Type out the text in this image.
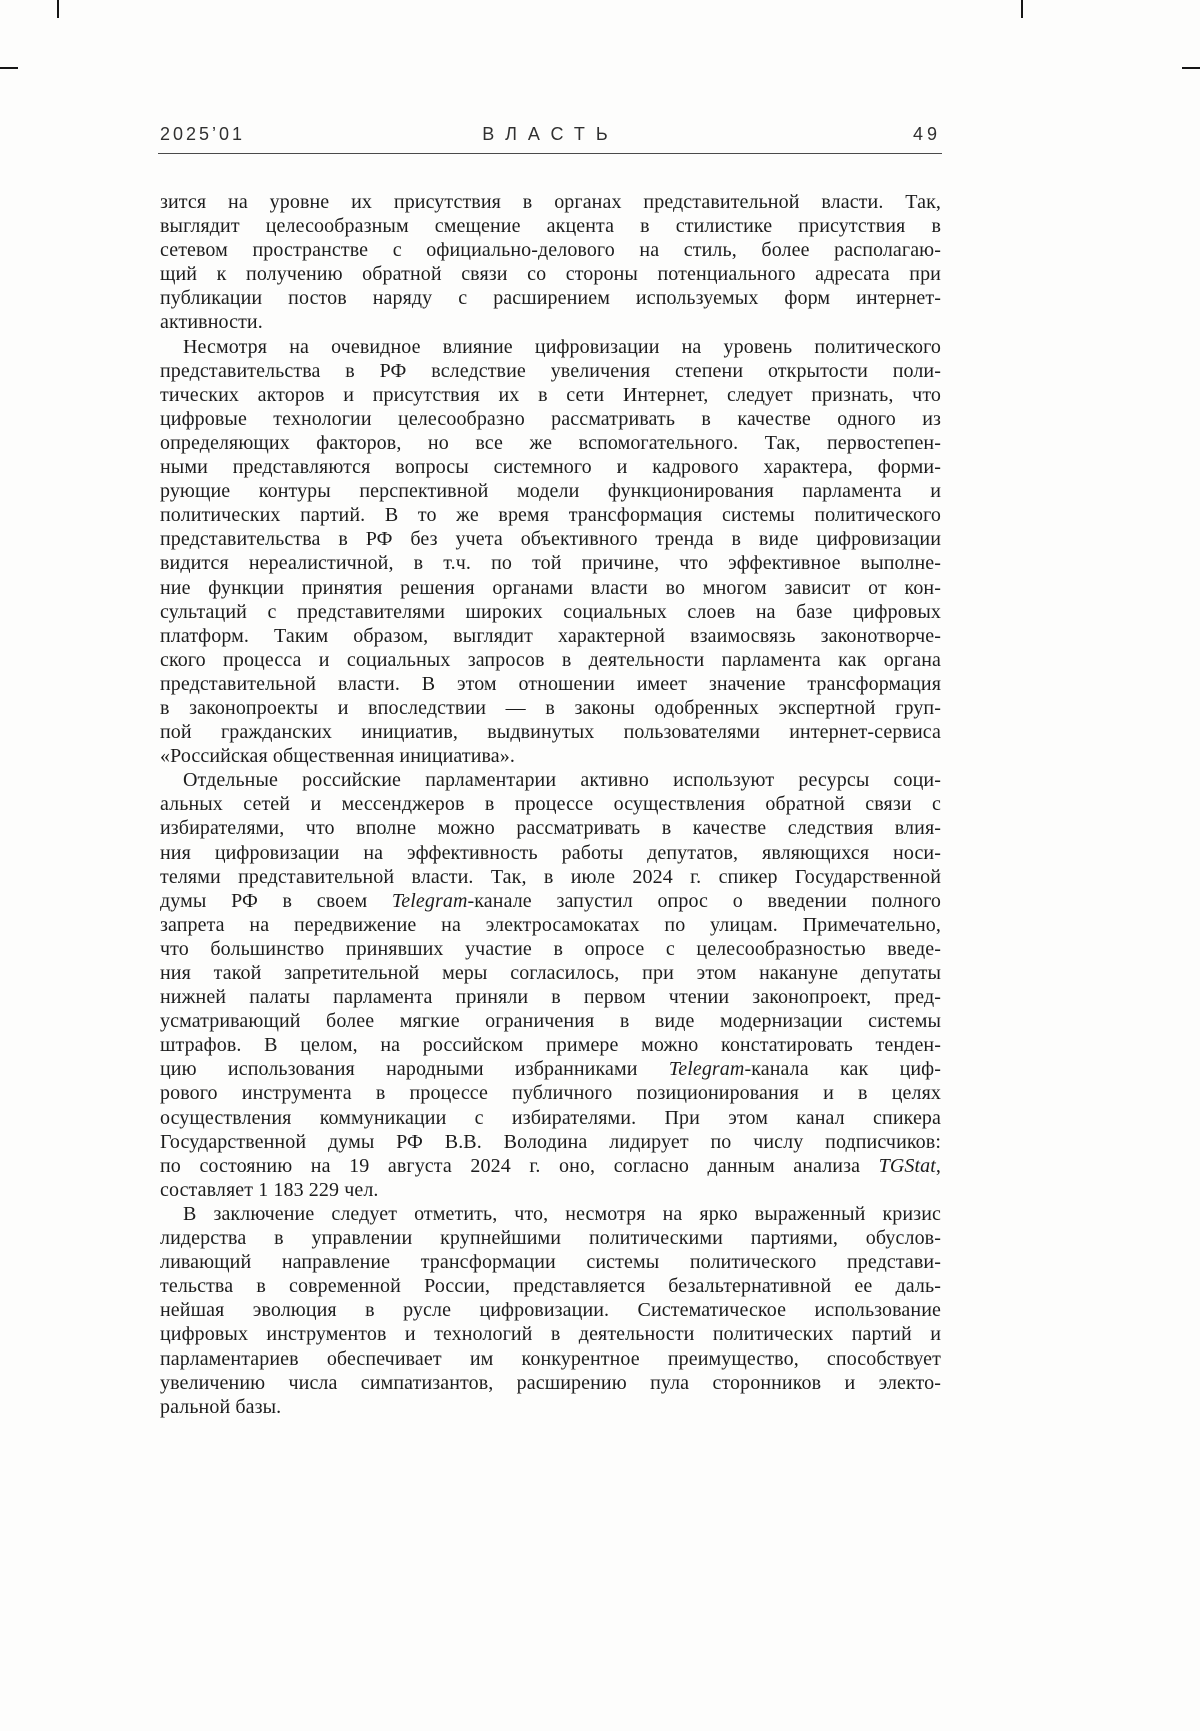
2025’01	ВЛАСТЬ	49
зится на уровне их присутствия в органах представительной власти. Так,
выглядит целесообразным смещение акцента в стилистике присутствия в
сетевом пространстве с официально-делового на стиль, более располагаю-
щий к получению обратной связи со стороны потенциального адресата при
публикации постов наряду с расширением используемых форм интернет-
активности.
Несмотря на очевидное влияние цифровизации на уровень политического
представительства в РФ вследствие увеличения степени открытости поли-
тических акторов и присутствия их в сети Интернет, следует признать, что
цифровые технологии целесообразно рассматривать в качестве одного из
определяющих факторов, но все же вспомогательного. Так, первостепен-
ными представляются вопросы системного и кадрового характера, форми-
рующие контуры перспективной модели функционирования парламента и
политических партий. В то же время трансформация системы политического
представительства в РФ без учета объективного тренда в виде цифровизации
видится нереалистичной, в т.ч. по той причине, что эффективное выполне-
ние функции принятия решения органами власти во многом зависит от кон-
сультаций с представителями широких социальных слоев на базе цифровых
платформ. Таким образом, выглядит характерной взаимосвязь законотворче-
ского процесса и социальных запросов в деятельности парламента как органа
представительной власти. В этом отношении имеет значение трансформация
в законопроекты и впоследствии — в законы одобренных экспертной груп-
пой гражданских инициатив, выдвинутых пользователями интернет-сервиса
«Российская общественная инициатива».
Отдельные российские парламентарии активно используют ресурсы соци-
альных сетей и мессенджеров в процессе осуществления обратной связи с
избирателями, что вполне можно рассматривать в качестве следствия влия-
ния цифровизации на эффективность работы депутатов, являющихся носи-
телями представительной власти. Так, в июле 2024 г. спикер Государственной
думы РФ в своем Telegram-канале запустил опрос о введении полного
запрета на передвижение на электросамокатах по улицам. Примечательно,
что большинство принявших участие в опросе с целесообразностью введе-
ния такой запретительной меры согласилось, при этом накануне депутаты
нижней палаты парламента приняли в первом чтении законопроект, пред-
усматривающий более мягкие ограничения в виде модернизации системы
штрафов. В целом, на российском примере можно констатировать тенден-
цию использования народными избранниками Telegram-канала как циф-
рового инструмента в процессе публичного позиционирования и в целях
осуществления коммуникации с избирателями. При этом канал спикера
Государственной думы РФ В.В. Володина лидирует по числу подписчиков:
по состоянию на 19 августа 2024 г. оно, согласно данным анализа TGStat,
составляет 1 183 229 чел.
В заключение следует отметить, что, несмотря на ярко выраженный кризис
лидерства в управлении крупнейшими политическими партиями, обуслов-
ливающий направление трансформации системы политического представи-
тельства в современной России, представляется безальтернативной ее даль-
нейшая эволюция в русле цифровизации. Систематическое использование
цифровых инструментов и технологий в деятельности политических партий и
парламентариев обеспечивает им конкурентное преимущество, способствует
увеличению числа симпатизантов, расширению пула сторонников и электо-
ральной базы.
